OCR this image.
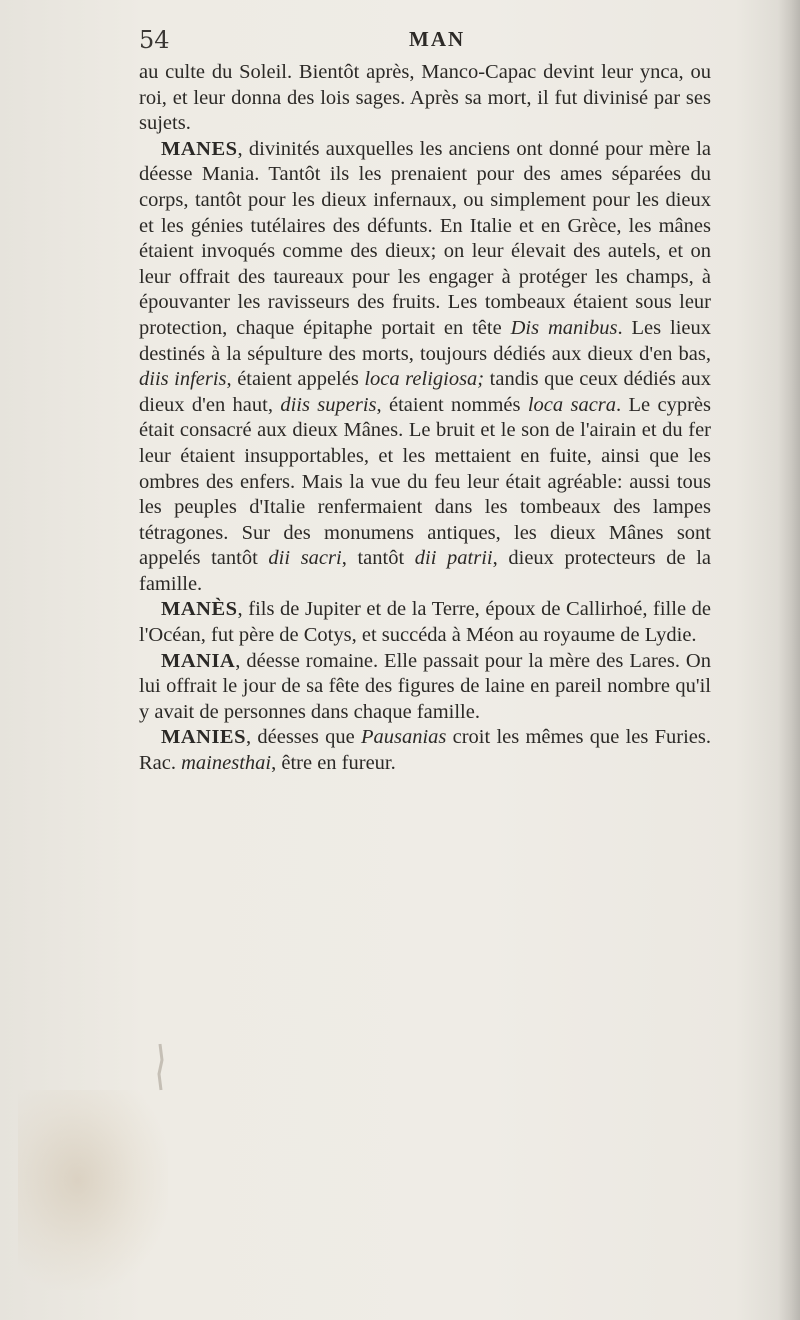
54	MAN

au culte du Soleil. Bientôt après, Manco-Capac devint leur ynca, ou roi, et leur donna des lois sages. Après sa mort, il fut divinisé par ses sujets.

MANES, divinités auxquelles les anciens ont donné pour mère la déesse Mania. Tantôt ils les prenaient pour des ames séparées du corps, tantôt pour les dieux infernaux, ou simplement pour les dieux et les génies tutélaires des défunts. En Italie et en Grèce, les mânes étaient invoqués comme des dieux; on leur élevait des autels, et on leur offrait des taureaux pour les engager à protéger les champs, à épouvanter les ravisseurs des fruits. Les tombeaux étaient sous leur protection, chaque épitaphe portait en tête Dis manibus. Les lieux destinés à la sépulture des morts, toujours dédiés aux dieux d'en bas, diis inferis, étaient appelés loca religiosa; tandis que ceux dédiés aux dieux d'en haut, diis superis, étaient nommés loca sacra. Le cyprès était consacré aux dieux Mânes. Le bruit et le son de l'airain et du fer leur étaient insupportables, et les mettaient en fuite, ainsi que les ombres des enfers. Mais la vue du feu leur était agréable: aussi tous les peuples d'Italie renfermaient dans les tombeaux des lampes tétragones. Sur des monumens antiques, les dieux Mânes sont appelés tantôt dii sacri, tantôt dii patrii, dieux protecteurs de la famille.

MANÈS, fils de Jupiter et de la Terre, époux de Callirhoé, fille de l'Océan, fut père de Cotys, et succéda à Méon au royaume de Lydie.

MANIA, déesse romaine. Elle passait pour la mère des Lares. On lui offrait le jour de sa fête des figures de laine en pareil nombre qu'il y avait de personnes dans chaque famille.

MANIES, déesses que Pausanias croit les mêmes que les Furies. Rac. mainesthai, être en fureur.
